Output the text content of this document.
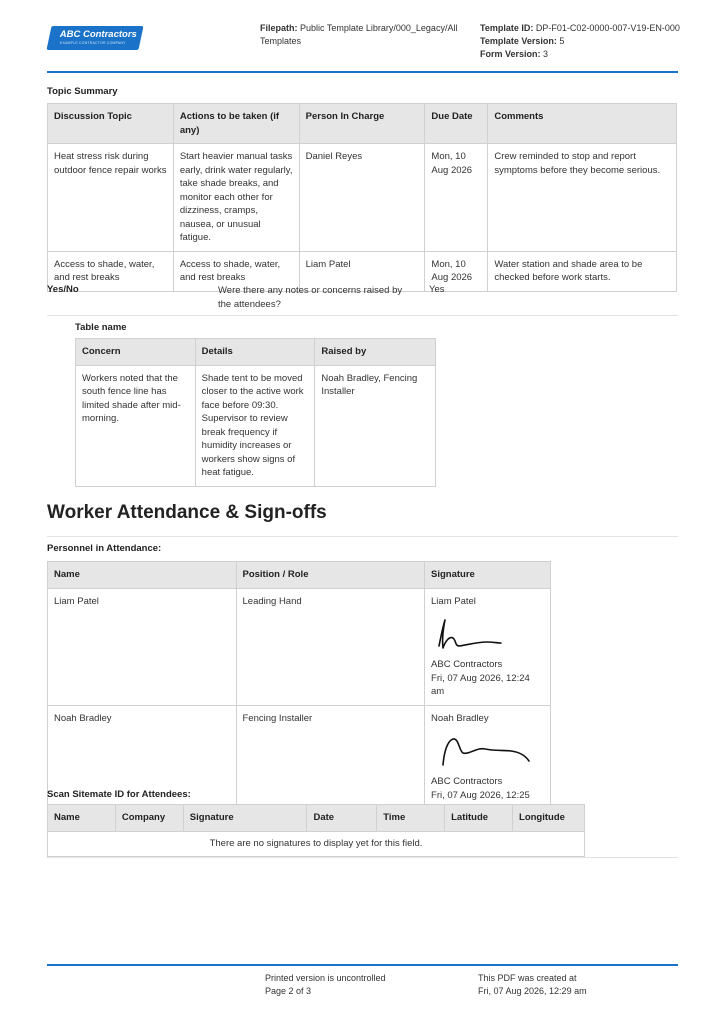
ABC Contractors
EXAMPLE CONTRACTOR COMPANY
Filepath: Public Template Library/000_Legacy/All Templates
Template ID: DP-F01-C02-0000-007-V19-EN-000
Template Version: 5
Form Version: 3
Topic Summary
Discussion Topic	Actions to be taken (if any)	Person In Charge	Due Date	Comments
Heat stress risk during outdoor fence repair works	Start heavier manual tasks early, drink water regularly, take shade breaks, and monitor each other for dizziness, cramps, nausea, or unusual fatigue.	Daniel Reyes	Mon, 10 Aug 2026	Crew reminded to stop and report symptoms before they become serious.
Access to shade, water, and rest breaks	Access to shade, water, and rest breaks	Liam Patel	Mon, 10 Aug 2026	Water station and shade area to be checked before work starts.
Yes/No	Were there any notes or concerns raised by the attendees?
Yes
Table name
Concern	Details	Raised by
Workers noted that the south fence line has limited shade after mid-morning.	Shade tent to be moved closer to the active work face before 09:30. Supervisor to review break frequency if humidity increases or workers show signs of heat fatigue.	Noah Bradley, Fencing Installer
Worker Attendance & Sign-offs
Personnel in Attendance:
Name	Position / Role	Signature
Liam Patel	Leading Hand	Liam Patel
ABC Contractors
Fri, 07 Aug 2026, 12:24 am

Noah Bradley	Fencing Installer	Noah Bradley
ABC Contractors
Fri, 07 Aug 2026, 12:25
Scan Sitemate ID for Attendees:
Name	Company	Signature	Date	Time	Latitude	Longitude
There are no signatures to display yet for this field.
Printed version is uncontrolled
Page 2 of 3
This PDF was created at
Fri, 07 Aug 2026, 12:29 am
